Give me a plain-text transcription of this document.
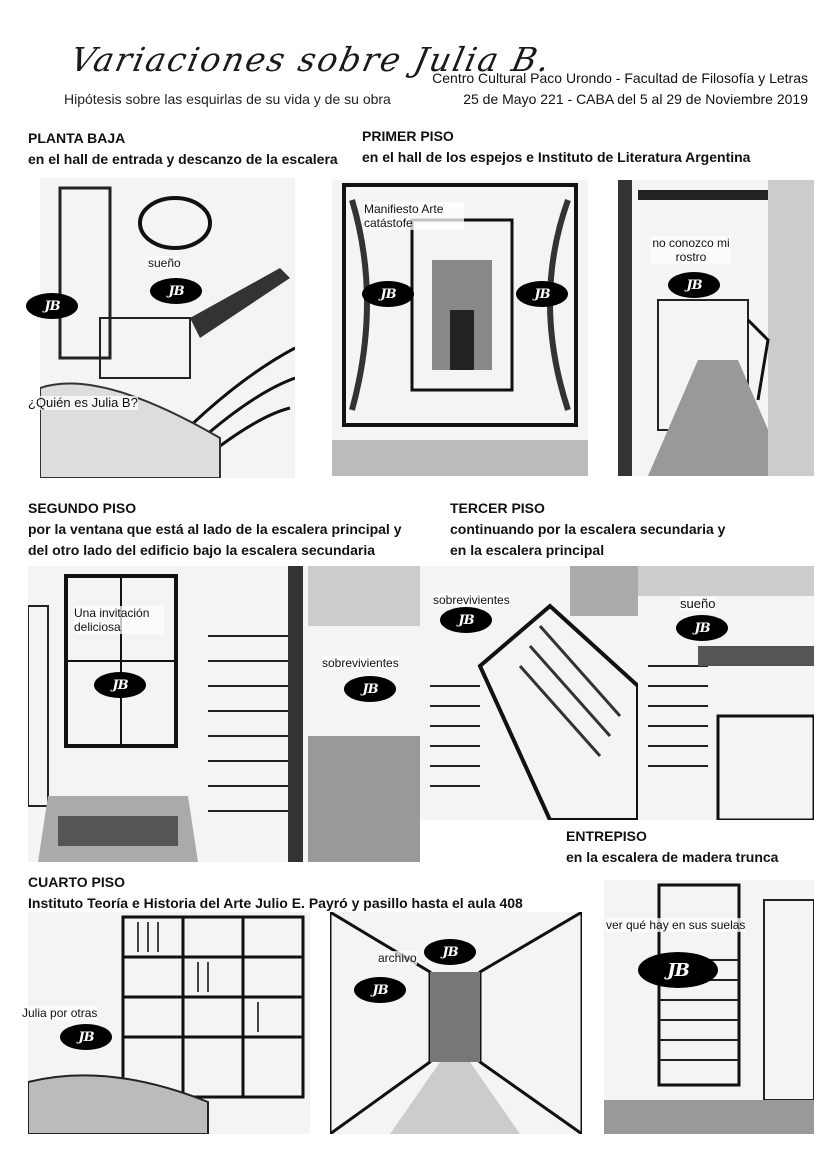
Variaciones sobre Julia B.
Hipótesis sobre las esquirlas de su vida y de su obra
Centro Cultural Paco Urondo - Facultad de Filosofía y Letras
25 de Mayo 221 - CABA del 5 al 29 de Noviembre 2019
PLANTA BAJA
en el hall de entrada y descanzo de la escalera
sueño
JB
JB
¿Quién es Julia B?
PRIMER PISO
en el hall de los espejos e Instituto de Literatura Argentina
Manifiesto Arte catástofe
JB	JB
no conozco mi rostro
JB
SEGUNDO PISO
por la ventana que está al lado de la escalera principal y
del otro lado del edificio bajo la escalera secundaria
Una invitación deliciosa
JB
sobrevivientes
JB
TERCER PISO
continuando por la escalera secundaria y
en la escalera principal
sobrevivientes
JB
sueño
JB
ENTREPISO
en la escalera de madera trunca
CUARTO PISO
Instituto Teoría e Historia del Arte Julio E. Payró y pasillo hasta el aula 408
archivo	JB
JB
Julia por otras
JB
ver qué hay en sus suelas
JB
